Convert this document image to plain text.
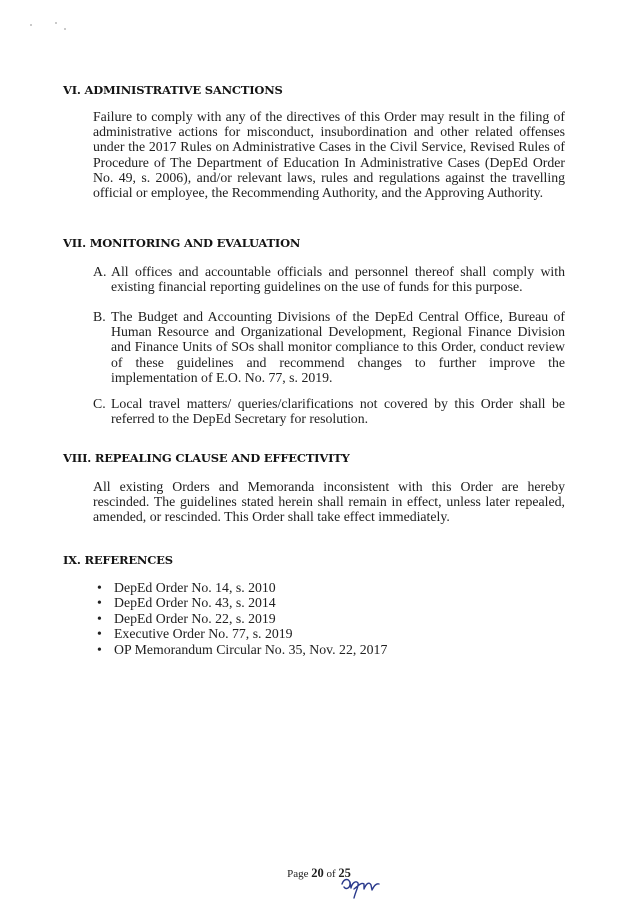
VI. ADMINISTRATIVE SANCTIONS

Failure to comply with any of the directives of this Order may result in the filing of administrative actions for misconduct, insubordination and other related offenses under the 2017 Rules on Administrative Cases in the Civil Service, Revised Rules of Procedure of The Department of Education In Administrative Cases (DepEd Order No. 49, s. 2006), and/or relevant laws, rules and regulations against the travelling official or employee, the Recommending Authority, and the Approving Authority.

VII. MONITORING AND EVALUATION
A. All offices and accountable officials and personnel thereof shall comply with existing financial reporting guidelines on the use of funds for this purpose.
B. The Budget and Accounting Divisions of the DepEd Central Office, Bureau of Human Resource and Organizational Development, Regional Finance Division and Finance Units of SOs shall monitor compliance to this Order, conduct review of these guidelines and recommend changes to further improve the implementation of E.O. No. 77, s. 2019.
C. Local travel matters/ queries/clarifications not covered by this Order shall be referred to the DepEd Secretary for resolution.
VIII. REPEALING CLAUSE AND EFFECTIVITY

All existing Orders and Memoranda inconsistent with this Order are hereby rescinded. The guidelines stated herein shall remain in effect, unless later repealed, amended, or rescinded. This Order shall take effect immediately.

IX. REFERENCES
• DepEd Order No. 14, s. 2010
• DepEd Order No. 43, s. 2014
• DepEd Order No. 22, s. 2019
• Executive Order No. 77, s. 2019
• OP Memorandum Circular No. 35, Nov. 22, 2017
Page 20 of 25
